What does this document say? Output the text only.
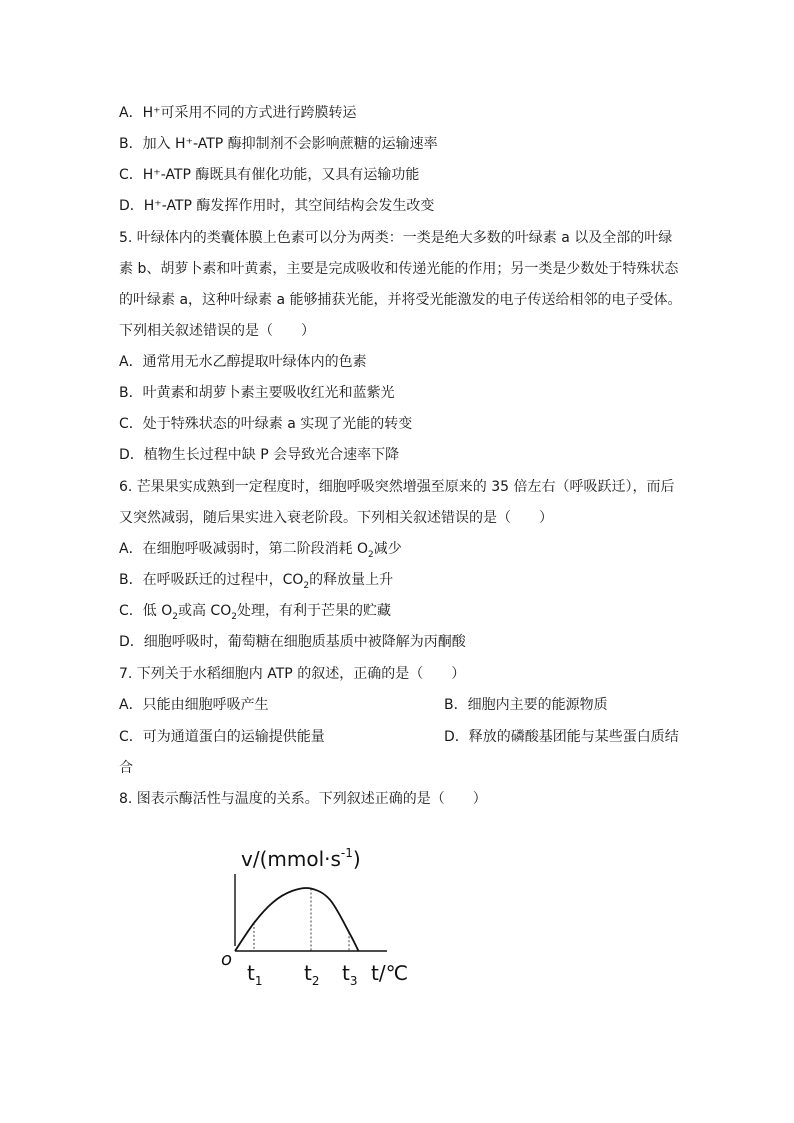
A．H⁺可采用不同的方式进行跨膜转运
B．加入 H⁺-ATP 酶抑制剂不会影响蔗糖的运输速率
C．H⁺-ATP 酶既具有催化功能，又具有运输功能
D．H⁺-ATP 酶发挥作用时，其空间结构会发生改变
5. 叶绿体内的类囊体膜上色素可以分为两类：一类是绝大多数的叶绿素 a 以及全部的叶绿
素 b、胡萝卜素和叶黄素，主要是完成吸收和传递光能的作用；另一类是少数处于特殊状态
的叶绿素 a，这种叶绿素 a 能够捕获光能，并将受光能激发的电子传送给相邻的电子受体。
下列相关叙述错误的是（　　）
A．通常用无水乙醇提取叶绿体内的色素
B．叶黄素和胡萝卜素主要吸收红光和蓝紫光
C．处于特殊状态的叶绿素 a 实现了光能的转变
D．植物生长过程中缺 P 会导致光合速率下降
6. 芒果果实成熟到一定程度时，细胞呼吸突然增强至原来的 35 倍左右（呼吸跃迁），而后
又突然减弱，随后果实进入衰老阶段。下列相关叙述错误的是（　　）
A．在细胞呼吸减弱时，第二阶段消耗 $O_2$减少
B．在呼吸跃迁的过程中，$CO_2$的释放量上升
C．低 $O_2$或高 $CO_2$处理，有利于芒果的贮藏
D．细胞呼吸时，葡萄糖在细胞质基质中被降解为丙酮酸
7. 下列关于水稻细胞内 ATP 的叙述，正确的是（　　）
A．只能由细胞呼吸产生	B．细胞内主要的能源物质
C．可为通道蛋白的运输提供能量	D．释放的磷酸基团能与某些蛋白质结
合
8. 图表示酶活性与温度的关系。下列叙述正确的是（　　）
$v/(mmol\cdot s^{-1})$
o
t/℃
$t_1$ $t_2$ $t_3$
